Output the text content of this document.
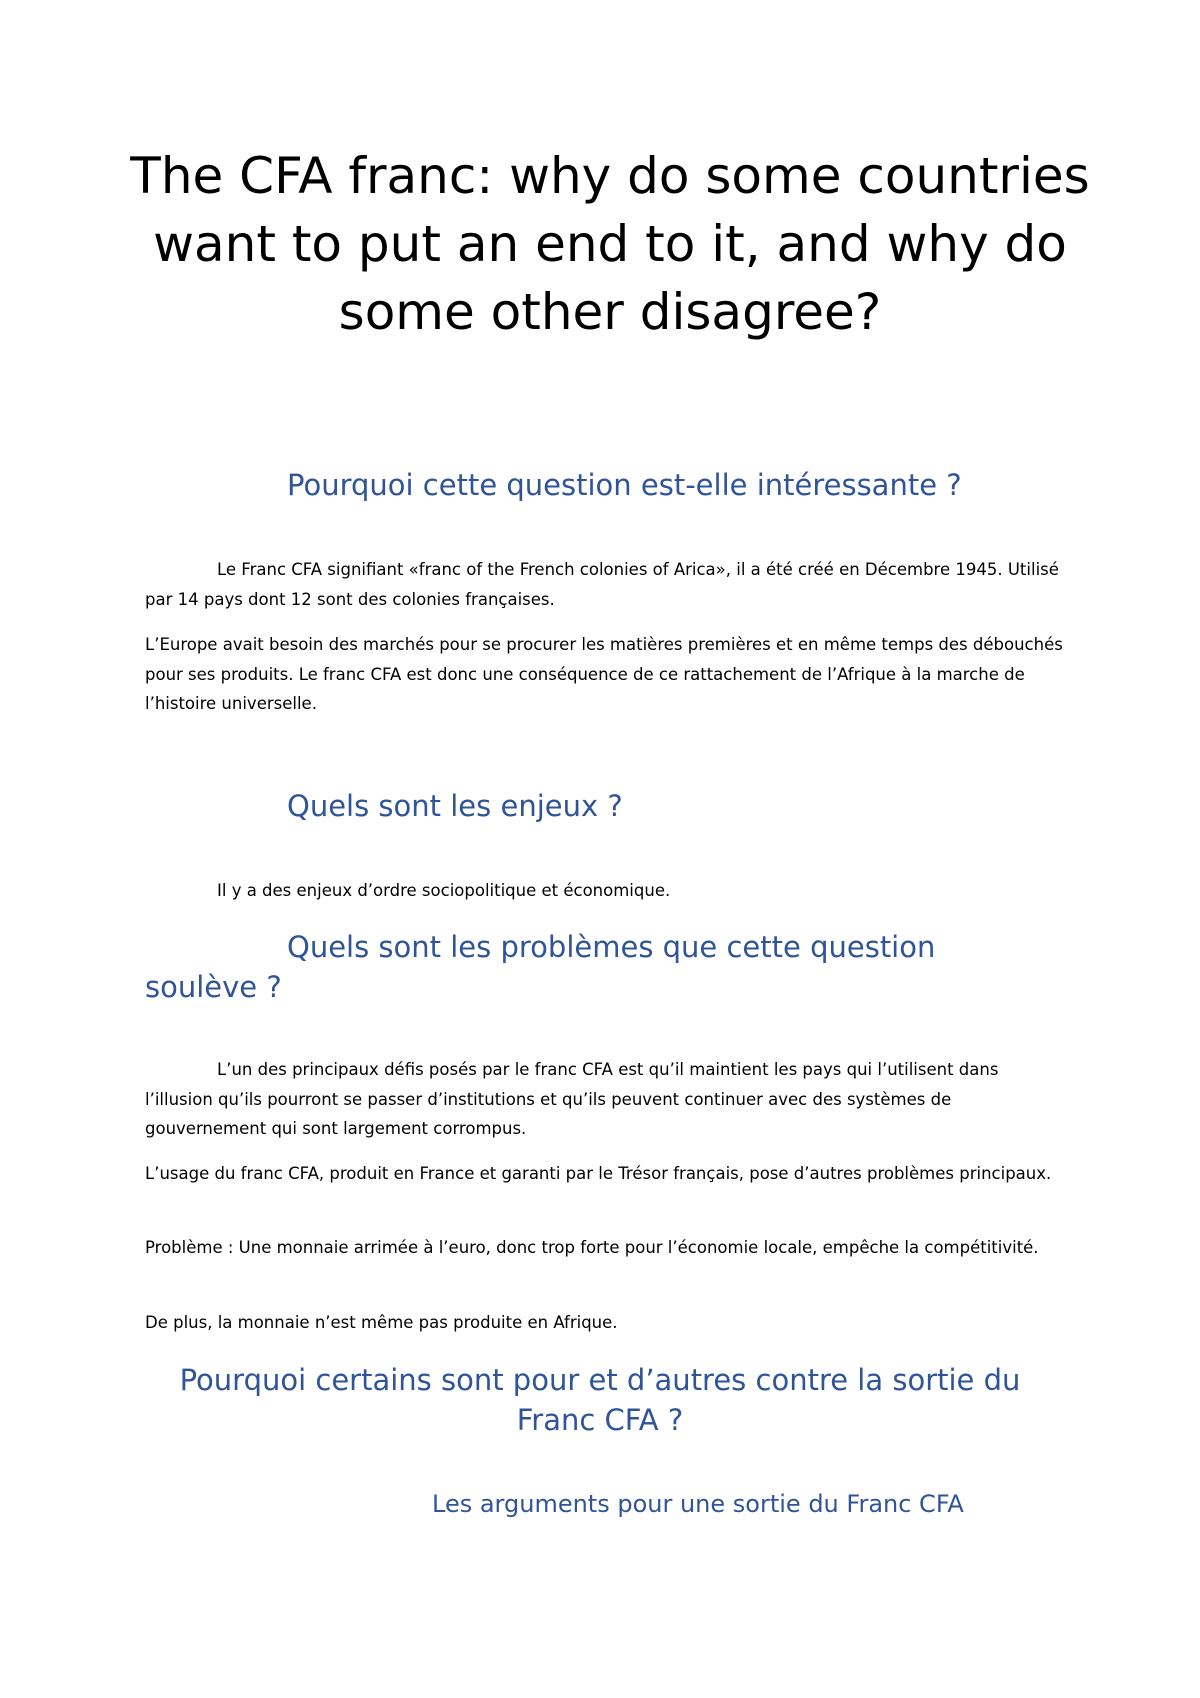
The CFA franc: why do some countries want to put an end to it, and why do some other disagree?
Pourquoi cette question est-elle intéressante ?

Le Franc CFA signifiant «franc of the French colonies of Arica», il a été créé en Décembre 1945. Utilisé par 14 pays dont 12 sont des colonies françaises.

L’Europe avait besoin des marchés pour se procurer les matières premières et en même temps des débouchés pour ses produits. Le franc CFA est donc une conséquence de ce rattachement de l’Afrique à la marche de l’histoire universelle.

Quels sont les enjeux ?

Il y a des enjeux d’ordre sociopolitique et économique.

Quels sont les problèmes que cette question soulève ?

L’un des principaux défis posés par le franc CFA est qu’il maintient les pays qui l’utilisent dans l’illusion qu’ils pourront se passer d’institutions et qu’ils peuvent continuer avec des systèmes de gouvernement qui sont largement corrompus.

L’usage du franc CFA, produit en France et garanti par le Trésor français, pose d’autres problèmes principaux.

Problème : Une monnaie arrimée à l’euro, donc trop forte pour l’économie locale, empêche la compétitivité.

De plus, la monnaie n’est même pas produite en Afrique.

Pourquoi certains sont pour et d’autres contre la sortie du Franc CFA ?
Les arguments pour une sortie du Franc CFA
